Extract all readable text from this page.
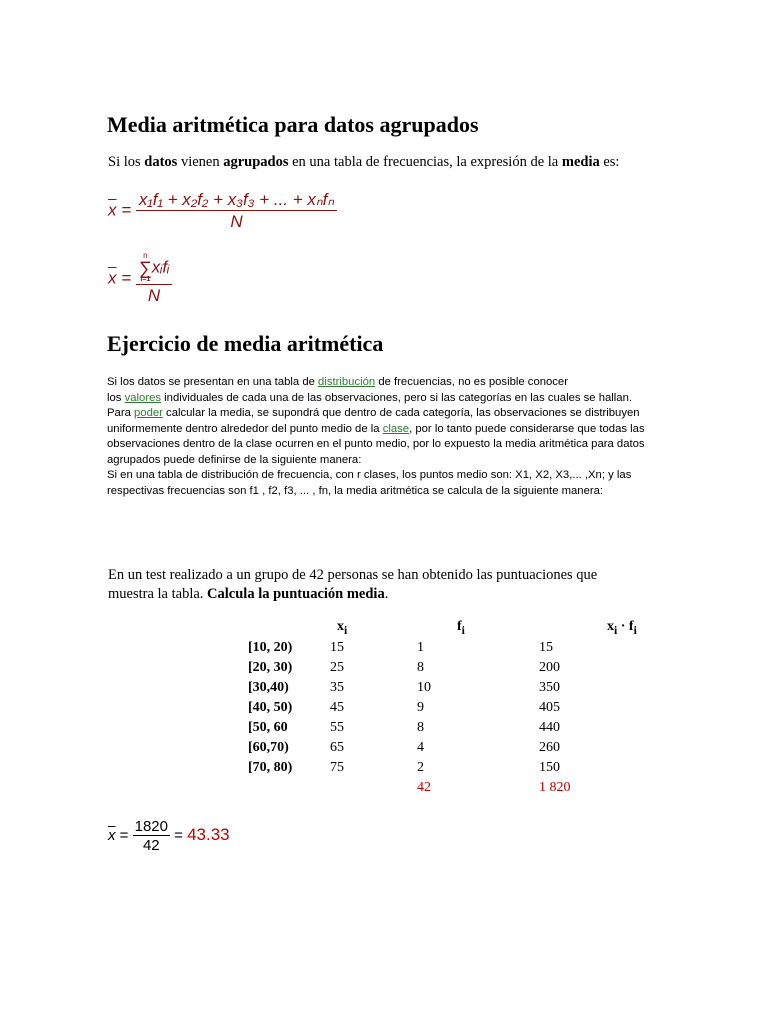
Media aritmética para datos agrupados
Si los datos vienen agrupados en una tabla de frecuencias, la expresión de la media es:
$\overline{x} = \frac{\text{x₁f₁ + x₂f₂ + x₃f₃ + ... + xₙfₙ}}{N}$
$\overline{x} = n$
∑
i=1
xᵢfᵢ
N
Ejercicio de media aritmética
Si los datos se presentan en una tabla de distribución de frecuencias, no es posible conocer
los valores individuales de cada una de las observaciones, pero si las categorías en las cuales se hallan.
Para poder calcular la media, se supondrá que dentro de cada categoría, las observaciones se distribuyen
uniformemente dentro alrededor del punto medio de la clase, por lo tanto puede considerarse que todas las
observaciones dentro de la clase ocurren en el punto medio, por lo expuesto la media aritmética para datos
agrupados puede definirse de la siguiente manera:
Si en una tabla de distribución de frecuencia, con r clases, los puntos medio son: X1, X2, X3,... ,Xn; y las
respectivas frecuencias son f1 , f2, f3, ... , fn, la media aritmética se calcula de la siguiente manera:
En un test realizado a un grupo de 42 personas se han obtenido las puntuaciones que
muestra la tabla. Calcula la puntuación media.
	$x_i$	$f_i$	$x_i \cdot f_i$
[10, 20)	15	1	15
[20, 30)	25	8	200
[30,40)	35	10	350
[40, 50)	45	9	405
[50, 60	55	8	440
[60,70)	65	4	260
[70, 80)	75	2	150
		42	1 820
$\overline{x} = \frac{1820}{42} = 43.33$
